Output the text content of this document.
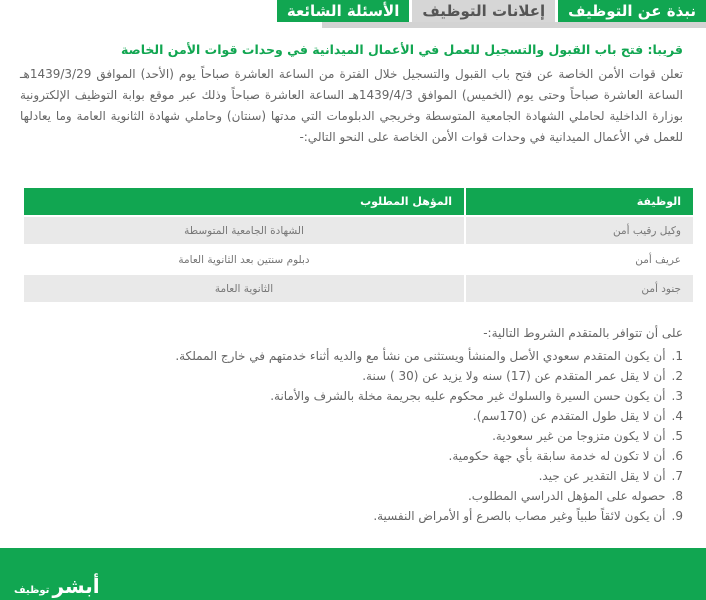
نبذة عن التوظيف
إعلانات التوظيف
الأسئلة الشائعة
قريبا: فتح باب القبول والتسجيل للعمل في الأعمال الميدانية في وحدات قوات الأمن الخاصة
تعلن قوات الأمن الخاصة عن فتح باب القبول والتسجيل خلال الفترة من الساعة العاشرة صباحاً يوم (الأحد) الموافق 1439/3/29هـ الساعة العاشرة صباحاً وحتى يوم (الخميس) الموافق 1439/4/3هـ الساعة العاشرة صباحاً وذلك عبر موقع بوابة التوظيف الإلكترونية بوزارة الداخلية لحاملي الشهادة الجامعية المتوسطة وخريجي الدبلومات التي مدتها (سنتان) وحاملي شهادة الثانوية العامة وما يعادلها للعمل في الأعمال الميدانية في وحدات قوات الأمن الخاصة على النحو التالي:-
الوظيفة	المؤهل المطلوب
وكيل رقيب أمن	الشهادة الجامعية المتوسطة
عريف أمن	دبلوم سنتين بعد الثانوية العامة
جنود أمن	الثانوية العامة
على أن تتوافر بالمتقدم الشروط التالية:-
1.
أن يكون المتقدم سعودي الأصل والمنشأ ويستثنى من نشأ مع والديه أثناء خدمتهم في خارج المملكة.
2.
أن لا يقل عمر المتقدم عن (17) سنه ولا يزيد عن (30 ) سنة.
3.
أن يكون حسن السيرة والسلوك غير محكوم عليه بجريمة مخلة بالشرف والأمانة.
4.
أن لا يقل طول المتقدم عن (170سم).
5.
أن لا يكون متزوجا من غير سعودية.
6.
أن لا تكون له خدمة سابقة بأي جهة حكومية.
7.
أن لا يقل التقدير عن جيد.
8.
حصوله على المؤهل الدراسي المطلوب.
9.
أن يكون لائقاً طبياً وغير مصاب بالصرع أو الأمراض النفسية.
أبشر
توظيف
